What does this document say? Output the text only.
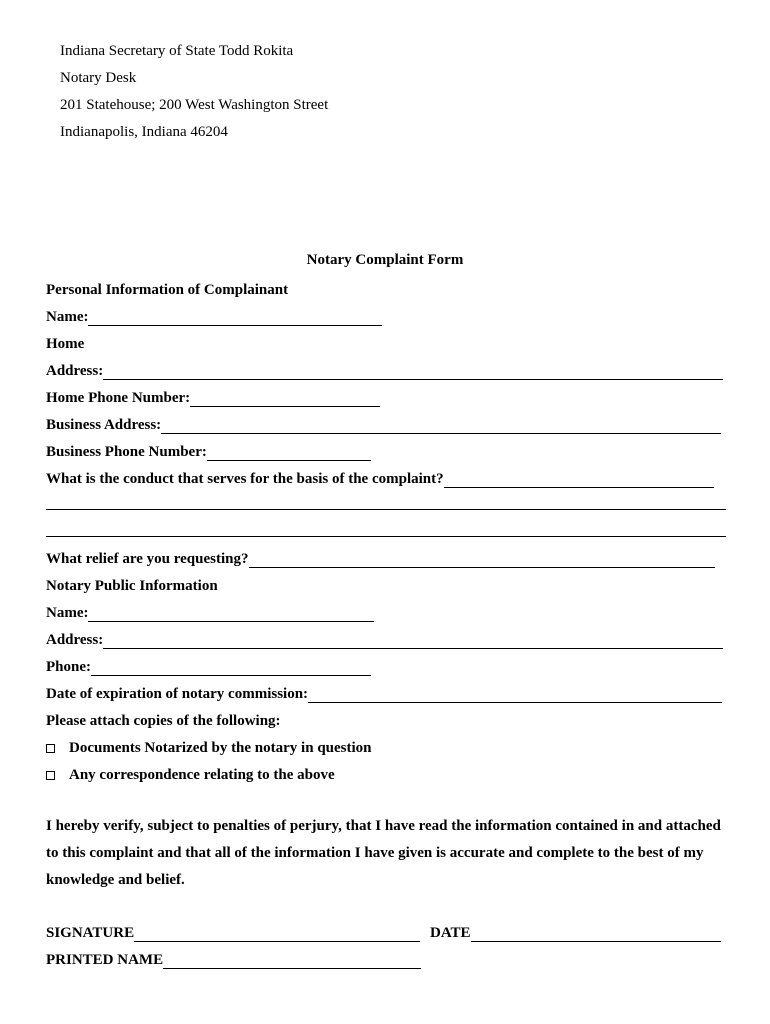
Indiana Secretary of State Todd Rokita
Notary Desk
201 Statehouse; 200 West Washington Street
Indianapolis, Indiana 46204
Notary Complaint Form
Personal Information of Complainant
Name:
Home
Address:
Home Phone Number:
Business Address:
Business Phone Number:
What is the conduct that serves for the basis of the complaint?
What relief are you requesting?
Notary Public Information
Name:
Address:
Phone:
Date of expiration of notary commission:
Please attach copies of the following:
Documents Notarized by the notary in question
Any correspondence relating to the above
I hereby verify, subject to penalties of perjury, that I have read the information contained in and attached to this complaint and that all of the information I have given is accurate and complete to the best of my knowledge and belief.
SIGNATURE	DATE
PRINTED NAME
